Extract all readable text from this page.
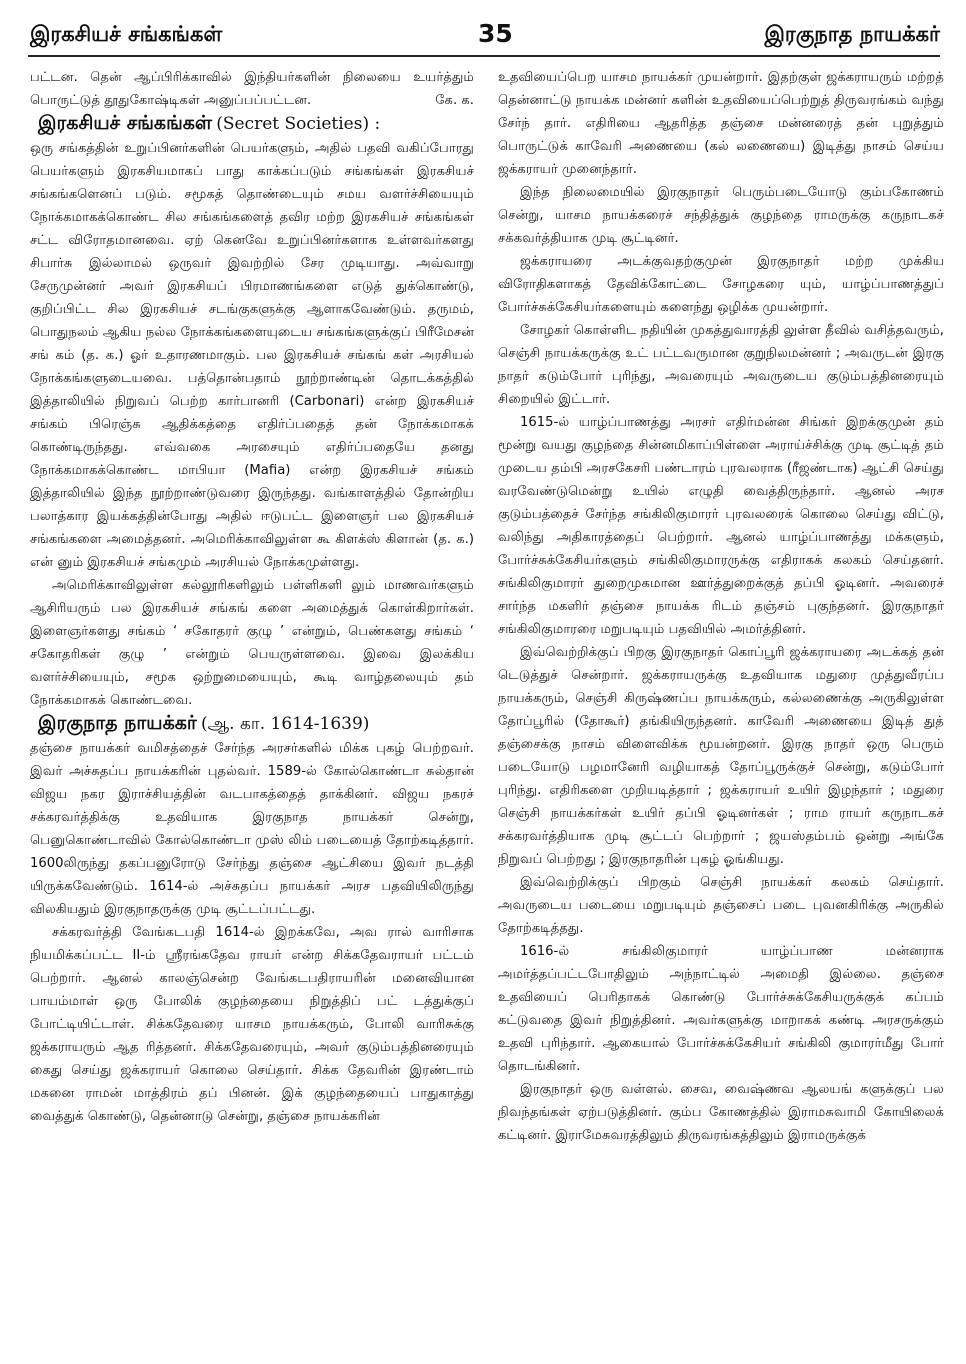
இரகசியச் சங்கங்கள்	35	இரகுநாத நாயக்கர்

பட்டன. தென் ஆப்பிரிக்காவில் இந்தியர்களின் நிலையை உயர்த்தும் பொருட்டுத் தூதுகோஷ்டிகள் அனுப்பப்பட்டன.	கே. க.

இரகசியச் சங்கங்கள் (Secret Societies) :

ஒரு சங்கத்தின் உறுப்பினர்களின் பெயர்களும், அதில் பதவி வகிப்போரது பெயர்களும் இரகசியமாகப் பாது காக்கப்படும் சங்கங்கள் இரகசியச் சங்கங்களெனப் படும். சமூகத் தொண்டையும் சமய வளர்ச்சியையும் நோக்கமாகக்கொண்ட சில சங்கங்களைத் தவிர மற்ற இரகசியச் சங்கங்கள் சட்ட விரோதமானவை. ஏற் கெனவே உறுப்பினர்களாக உள்ளவர்களது சிபார்சு இல்லாமல் ஒருவர் இவற்றில் சேர முடியாது. அவ்வாறு சேருமுன்னர் அவர் இரகசியப் பிரமாணங்களை எடுத் துக்கொண்டு, குறிப்பிட்ட சில இரகசியச் சடங்குகளுக்கு ஆளாகவேண்டும். தருமம், பொதுநலம் ஆகிய நல்ல நோக்கங்களையுடைய சங்கங்களுக்குப் பிரீமேசன் சங் கம் (த. க.) ஓர் உதாரணமாகும். பல இரகசியச் சங்கங் கள் அரசியல் நோக்கங்களுடையவை. பத்தொன்பதாம் நூற்றாண்டின் தொடக்கத்தில் இத்தாலியில் நிறுவப் பெற்ற கார்பானரி (Carbonari) என்ற இரகசியச் சங்கம் பிரெஞ்சு ஆதிக்கத்தை எதிர்ப்பதைத் தன் நோக்கமாகக் கொண்டிருந்தது. எவ்வகை அரசையும் எதிர்ப்பதையே தனது நோக்கமாகக்கொண்ட மாபியா (Mafia) என்ற இரகசியச் சங்கம் இத்தாலியில் இந்த நூற்றாண்டுவரை இருந்தது. வங்காளத்தில் தோன்றிய பலாத்கார இயக்கத்தின்போது அதில் ஈடுபட்ட இளைஞர் பல இரகசியச் சங்கங்களை அமைத்தனர். அமெரிக்காவிலுள்ள கூ கிளக்ஸ் கிளான் (த. க.) என் னும் இரகசியச் சங்கமும் அரசியல் நோக்கமுள்ளது.

அமெரிக்காவிலுள்ள கல்லூரிகளிலும் பள்ளிகளி லும் மாணவர்களும் ஆசிரியரும் பல இரகசியச் சங்கங் களை அமைத்துக் கொள்கிறார்கள். இளைஞர்களது சங்கம் ‘ சகோதரர் குழு ’ என்றும், பெண்களது சங்கம் ‘ சகோதரிகள் குழு ’ என்றும் பெயருள்ளவை. இவை இலக்கிய வளர்ச்சியையும், சமூக ஒற்றுமையையும், கூடி வாழ்தலையும் தம் நோக்கமாகக் கொண்டவை.

இரகுநாத நாயக்கர் (ஆ. கா. 1614-1639)

தஞ்சை நாயக்கர் வமிசத்தைச் சேர்ந்த அரசர்களில் மிக்க புகழ் பெற்றவர். இவர் அச்சுதப்ப நாயக்கரின் புதல்வர். 1589-ல் கோல்கொண்டா சுல்தான் விஜய நகர இராச்சியத்தின் வடபாகத்தைத் தாக்கினர். விஜய நகரச் சக்கரவர்த்திக்கு உதவியாக இரகுநாத நாயக்கர் சென்று, பெனுகொண்டாவில் கோல்கொண்டா முஸ் லிம் படையைத் தோற்கடித்தார். 1600லிருந்து தகப்பனுரோடு சேர்ந்து தஞ்சை ஆட்சியை இவர் நடத்தி யிருக்கவேண்டும். 1614-ல் அச்சுதப்ப நாயக்கர் அரச பதவியிலிருந்து விலகியதும் இரகுநாதருக்கு முடி சூட்டப்பட்டது.

சக்கரவர்த்தி வேங்கடபதி 1614-ல் இறக்கவே, அவ ரால் வாரிசாக நியமிக்கப்பட்ட II-ம் ஸ்ரீரங்கதேவ ராயர் என்ற சிக்கதேவராயர் பட்டம் பெற்றார். ஆனல் காலஞ்சென்ற வேங்கடபதிராயரின் மனைவியான பாயம்மாள் ஒரு போலிக் குழந்தையை நிறுத்திப் பட் டத்துக்குப் போட்டியிட்டாள். சிக்கதேவரை யாசம நாயக்கரும், போலி வாரிசுக்கு ஜக்கராயரும் ஆத ரித்தனர். சிக்கதேவரையும், அவர் குடும்பத்தினரையும் கைது செய்து ஜக்கராயர் கொலை செய்தார். சிக்க தேவரின் இரண்டாம் மகனை ராமன் மாத்திரம் தப் பினன். இக் குழந்தையைப் பாதுகாத்து வைத்துக் கொண்டு, தென்னாடு சென்று, தஞ்சை நாயக்கரின்

உதவியைப்பெற யாசம நாயக்கர் முயன்றார். இதற்குள் ஜக்கராயரும் மற்றத் தென்னாட்டு நாயக்க மன்னர் களின் உதவியைப்பெற்றுத் திருவரங்கம் வந்து சேர்ந் தார். எதிரியை ஆதரித்த தஞ்சை மன்னரைத் தன் புறுத்தும் பொருட்டுக் காவேரி அணையை (கல் லணையை) இடித்து நாசம் செய்ய ஜக்கராயர் முனைந்தார்.

இந்த நிலைமையில் இரகுநாதர் பெரும்படையோடு கும்பகோணம் சென்று, யாசம நாயக்கரைச் சந்தித்துக் குழந்தை ராமருக்கு கருநாடகச் சக்கவர்த்தியாக முடி சூட்டினர்.

ஜக்கராயரை அடக்குவதற்குமுன் இரகுநாதர் மற்ற முக்கிய விரோதிகளாகத் தேவிக்கோட்டை சோழகரை யும், யாழ்ப்பாணத்துப் போர்ச்சுக்கேசியர்களையும் களைந்து ஒழிக்க முயன்றார்.

சோழகர் கொள்ளிட நதியின் முகத்துவாரத்தி லுள்ள தீவில் வசித்தவரும், செஞ்சி நாயக்கருக்கு உட் பட்டவருமான குறுநிலமன்னர் ; அவருடன் இரகு நாதர் கடும்போர் புரிந்து, அவரையும் அவருடைய குடும்பத்தினரையும் சிறையில் இட்டார்.

1615-ல் யாழ்ப்பாணத்து அரசர் எதிர்மன்ன சிங்கர் இறக்குமுன் தம் மூன்று வயது குழந்தை சின்னமிகாப்பிள்ளை அராய்ச்சிக்கு முடி சூட்டித் தம் முடைய தம்பி அரசகேசரி பண்டாரம் புரவலராக (ரீஜண்டாக) ஆட்சி செய்து வரவேண்டுமென்று உயில் எழுதி வைத்திருந்தார். ஆனல் அரச குடும்பத்தைச் சேர்ந்த சங்கிலிகுமாரர் புரவலரைக் கொலை செய்து விட்டு, வலிந்து அதிகாரத்தைப் பெற்றார். ஆனல் யாழ்ப்பாணத்து மக்களும், போர்ச்சுக்கேசியர்களும் சங்கிலிகுமாரருக்கு எதிராகக் கலகம் செய்தனர். சங்கிலிகுமாரர் துறைமுகமான ஊர்த்துறைக்குத் தப்பி ஓடினர். அவரைச் சார்ந்த மகளிர் தஞ்சை நாயக்க ரிடம் தஞ்சம் புகுந்தனர். இரகுநாதர் சங்கிலிகுமாரரை மறுபடியும் பதவியில் அமர்த்தினர்.

இவ்வெற்றிக்குப் பிறகு இரகுநாதர் கொப்பூரி ஜக்கராயரை அடக்கத் தன் டெடுத்துச் சென்றார். ஜக்கராயருக்கு உதவியாக மதுரை முத்துவீரப்ப நாயக்கரும், செஞ்சி கிருஷ்ணப்ப நாயக்கரும், கல்லணைக்கு அருகிலுள்ள தோப்பூரில் (தோகூர்) தங்கியிருந்தனர். காவேரி அணையை இடித் துத் தஞ்சைக்கு நாசம் விளைவிக்க மூயன்றனர். இரகு நாதர் ஒரு பெரும் படையோடு பழமானேரி வழியாகத் தோப்பூருக்குச் சென்று, கடும்போர் புரிந்து. எதிரிகளை முறியடித்தார் ; ஜக்கராயர் உயிர் இழந்தார் ; மதுரை செஞ்சி நாயக்கர்கள் உயிர் தப்பி ஓடினர்கள் ; ராம ராயர் கருநாடகச் சக்கரவர்த்தியாக முடி சூட்டப் பெற்றார் ; ஜயஸ்தம்பம் ஒன்று அங்கே நிறுவப் பெற்றது ; இரகுநாதரின் புகழ் ஓங்கியது.

இவ்வெற்றிக்குப் பிறகும் செஞ்சி நாயக்கர் கலகம் செய்தார். அவருடைய படையை மறுபடியும் தஞ்சைப் படை புவனகிரிக்கு அருகில் தோற்கடித்தது.

1616-ல் சங்கிலிகுமாரர் யாழ்ப்பாண மன்னராக அமர்த்தப்பட்டபோதிலும் அந்நாட்டில் அமைதி இல்லை. தஞ்சை உதவியைப் பெரிதாகக் கொண்டு போர்ச்சுக்கேசியருக்குக் கப்பம் கட்டுவதை இவர் நிறுத்தினர். அவர்களுக்கு மாறாகக் கண்டி அரசருக்கும் உதவி புரிந்தார். ஆகையால் போர்ச்சுக்கேசியர் சங்கிலி குமாரர்மீது போர் தொடங்கினர்.

இரகுநாதர் ஒரு வள்ளல். சைவ, வைஷ்ணவ ஆலயங் களுக்குப் பல நிவந்தங்கள் ஏற்படுத்தினர். கும்ப கோணத்தில் இராமசுவாமி கோயிலைக் கட்டினர். இராமேசுவரத்திலும் திருவரங்கத்திலும் இராமருக்குக்
